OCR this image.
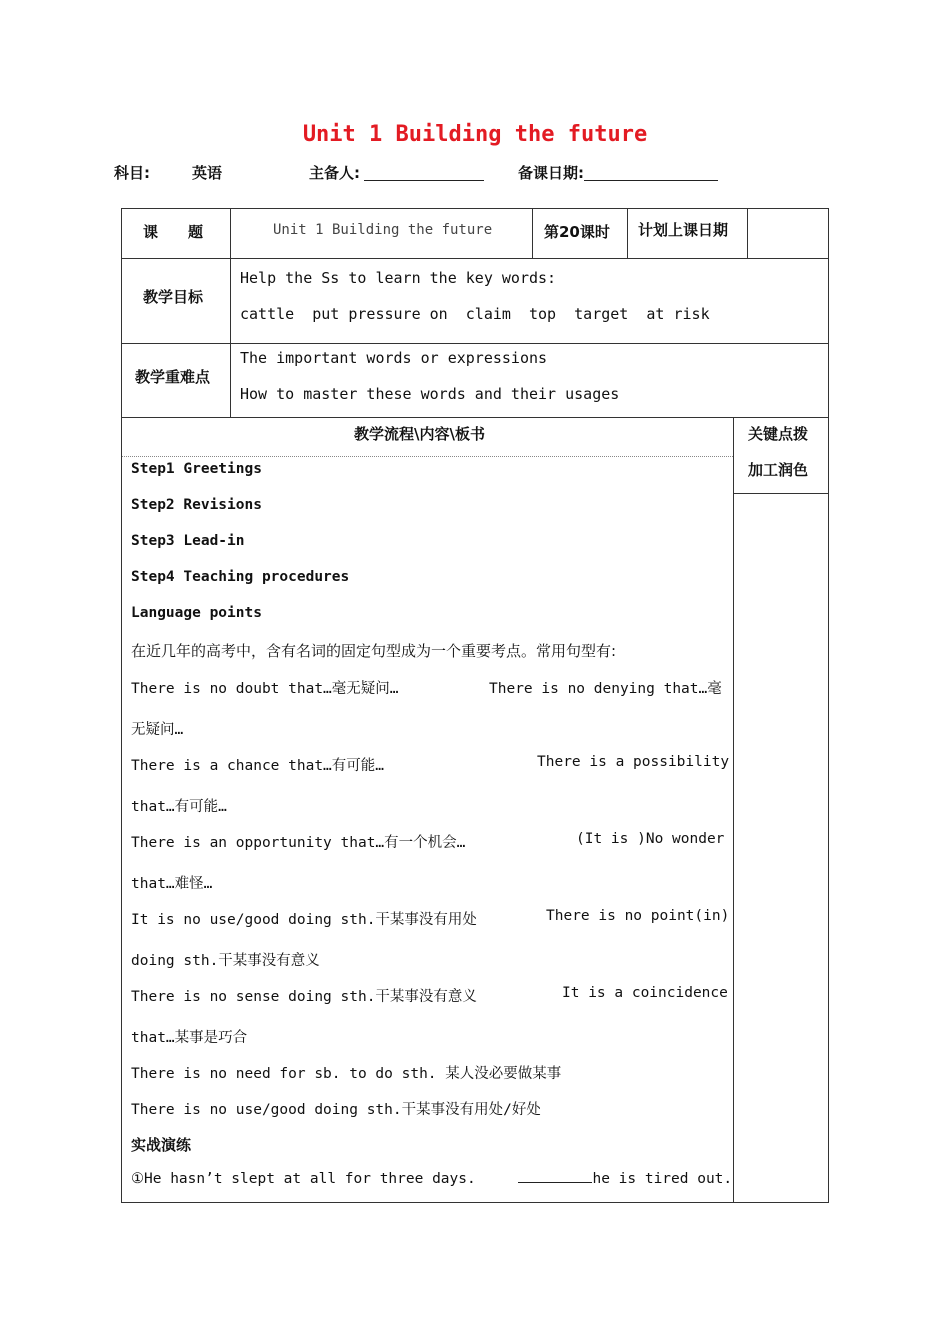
Unit 1 Building the future
科目:	英语	主备人:	备课日期:
课　　题	Unit 1 Building the future	第20课时 计划上课日期
教学目标
Help the Ss to learn the key words:
cattle  put pressure on  claim  top  target  at risk
教学重难点
The important words or expressions
How to master these words and their usages
教学流程\内容\板书	关键点拨
加工润色
Step1 Greetings
Step2 Revisions
Step3 Lead-in
Step4 Teaching procedures
Language points
在近几年的高考中，含有名词的固定句型成为一个重要考点。常用句型有:
There is no doubt that…毫无疑问…	There is no denying that…毫
无疑问…
There is a chance that…有可能…	There is a possibility
that…有可能…
There is an opportunity that…有一个机会…	(It is )No wonder
that…难怪…
It is no use/good doing sth.干某事没有用处	There is no point(in)
doing sth.干某事没有意义
There is no sense doing sth.干某事没有意义	It is a coincidence
that…某事是巧合
There is no need for sb. to do sth. 某人没必要做某事
There is no use/good doing sth.干某事没有用处/好处
实战演练
①He hasn’t slept at all for three days.	he is tired out.
